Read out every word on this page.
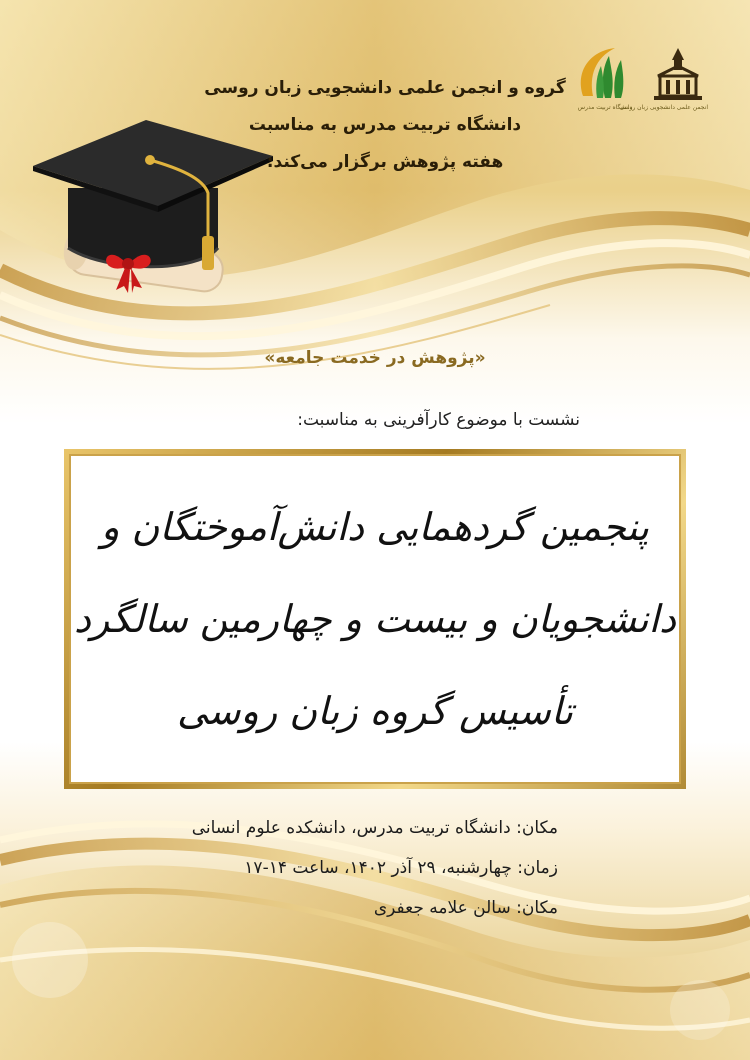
گروه و انجمن علمی دانشجویی زبان روسی
دانشگاه تربیت مدرس به مناسبت
هفته پژوهش برگزار می‌کند:
دانشگاه تربیت مدرس
انجمن علمی دانشجویی زبان روسی
«پژوهش در خدمت جامعه»
نشست با موضوع کارآفرینی به مناسبت:
پنجمین گردهمایی دانش‌آموختگان و
دانشجویان و بیست و چهارمین سالگرد
تأسیس گروه زبان روسی
مکان: دانشگاه تربیت مدرس، دانشکده علوم انسانی
زمان: چهارشنبه، ۲۹ آذر ۱۴۰۲، ساعت ۱۴-۱۷
مکان: سالن علامه جعفری
